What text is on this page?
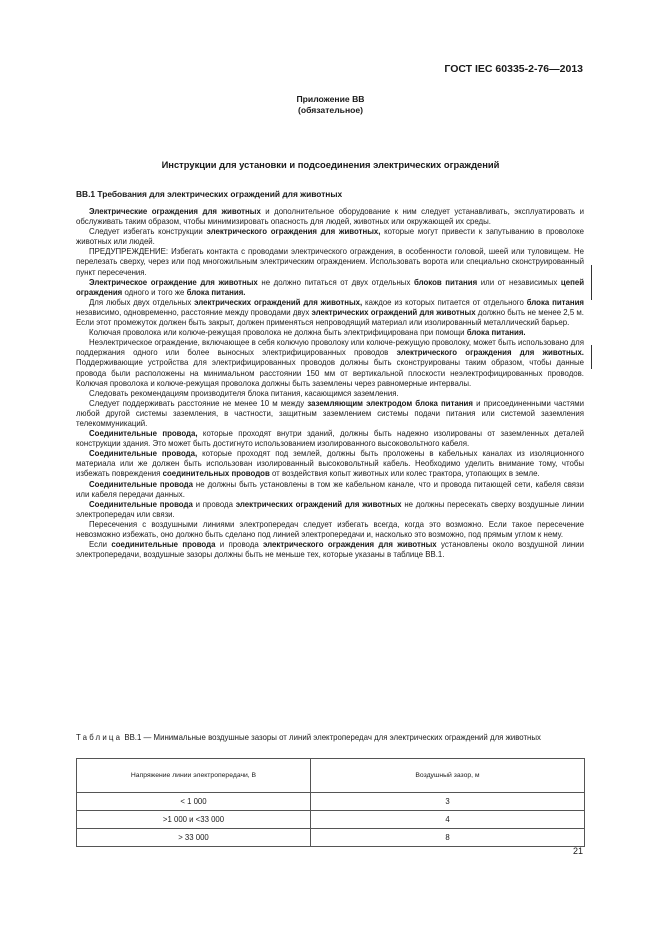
ГОСТ IEC 60335-2-76—2013
Приложение ВВ
(обязательное)
Инструкции для установки и подсоединения электрических ограждений
ВВ.1 Требования для электрических ограждений для животных

Электрические ограждения для животных и дополнительное оборудование к ним следует устанавливать, эксплуатировать и обслуживать таким образом, чтобы минимизировать опасность для людей, животных или окружающей их среды.

Следует избегать конструкции электрического ограждения для животных, которые могут привести к запутыванию в проволоке животных или людей.

ПРЕДУПРЕЖДЕНИЕ: Избегать контакта с проводами электрического ограждения, в особенности головой, шеей или туловищем. Не перелезать сверху, через или под многожильным электрическим ограждением. Использовать ворота или специально сконструированный пункт пересечения.

Электрическое ограждение для животных не должно питаться от двух отдельных блоков питания или от независимых цепей ограждения одного и того же блока питания.

Для любых двух отдельных электрических ограждений для животных, каждое из которых питается от отдельного блока питания независимо, одновременно, расстояние между проводами двух электрических ограждений для животных должно быть не менее 2,5 м. Если этот промежуток должен быть закрыт, должен применяться непроводящий материал или изолированный металлический барьер.

Колючая проволока или колюче-режущая проволока не должна быть электрифицирована при помощи блока питания.

Неэлектрическое ограждение, включающее в себя колючую проволоку или колюче-режущую проволоку, может быть использовано для поддержания одного или более выносных электрифицированных проводов электрического ограждения для животных. Поддерживающие устройства для электрифицированных проводов должны быть сконструированы таким образом, чтобы данные провода были расположены на минимальном расстоянии 150 мм от вертикальной плоскости неэлектрофицированных проводов. Колючая проволока и колюче-режущая проволока должны быть заземлены через равномерные интервалы.

Следовать рекомендациям производителя блока питания, касающимся заземления.

Следует поддерживать расстояние не менее 10 м между заземляющим электродом блока питания и присоединенными частями любой другой системы заземления, в частности, защитным заземлением системы подачи питания или системой заземления телекоммуникаций.

Соединительные провода, которые проходят внутри зданий, должны быть надежно изолированы от заземленных деталей конструкции здания. Это может быть достигнуто использованием изолированного высоковольтного кабеля.

Соединительные провода, которые проходят под землей, должны быть проложены в кабельных каналах из изоляционного материала или же должен быть использован изолированный высоковольтный кабель. Необходимо уделить внимание тому, чтобы избежать повреждения соединительных проводов от воздействия копыт животных или колес трактора, утопающих в земле.

Соединительные провода не должны быть установлены в том же кабельном канале, что и провода питающей сети, кабеля связи или кабеля передачи данных.

Соединительные провода и провода электрических ограждений для животных не должны пересекать сверху воздушные линии электропередач или связи.

Пересечения с воздушными линиями электропередач следует избегать всегда, когда это возможно. Если такое пересечение невозможно избежать, оно должно быть сделано под линией электропередачи и, насколько это возможно, под прямым углом к нему.

Если соединительные провода и провода электрического ограждения для животных установлены около воздушной линии электропередачи, воздушные зазоры должны быть не меньше тех, которые указаны в таблице ВВ.1.

Таблица ВВ.1 — Минимальные воздушные зазоры от линий электропередач для электрических ограждений для животных
Напряжение линии электропередачи, В	Воздушный зазор, м
< 1 000	3
>1 000 и <33 000	4
> 33 000	8
21
